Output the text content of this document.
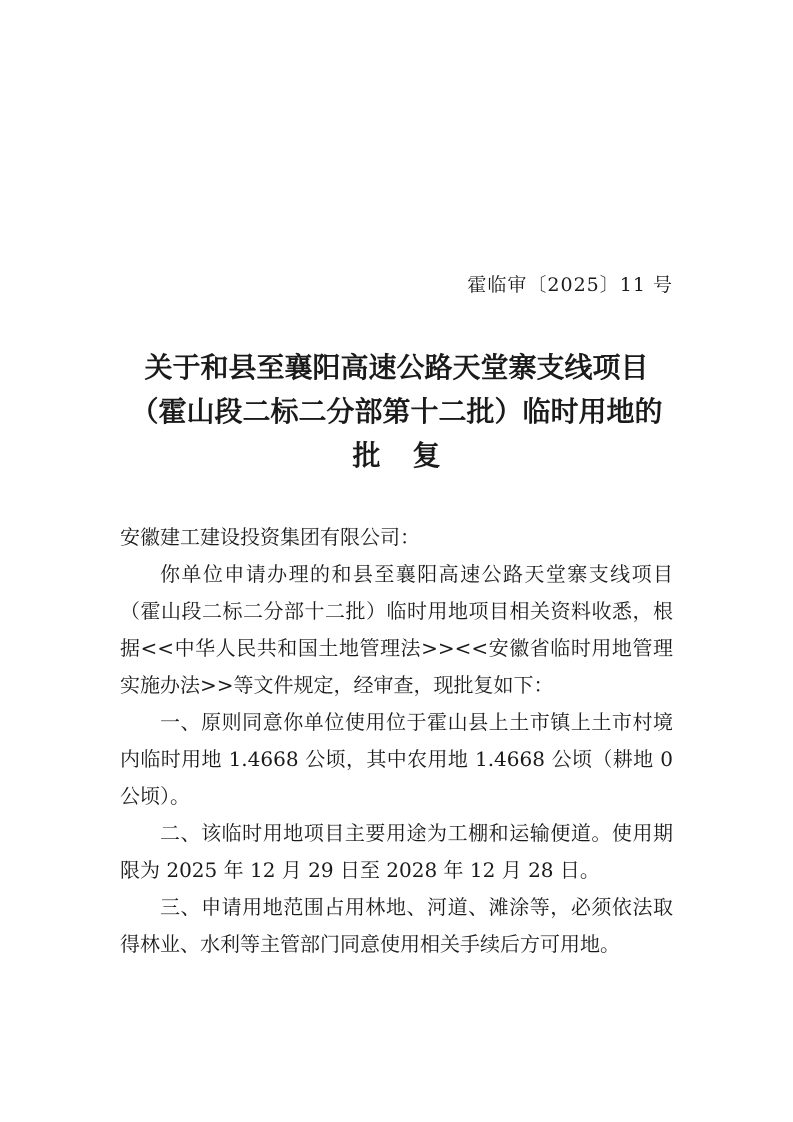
霍临审〔2025〕11 号
关于和县至襄阳高速公路天堂寨支线项目
（霍山段二标二分部第十二批）临时用地的
批复

安徽建工建设投资集团有限公司：

你单位申请办理的和县至襄阳高速公路天堂寨支线项目（霍山段二标二分部十二批）临时用地项目相关资料收悉，根据<<中华人民共和国土地管理法>><<安徽省临时用地管理实施办法>>等文件规定，经审查，现批复如下：

一、原则同意你单位使用位于霍山县上土市镇上土市村境内临时用地 1.4668 公顷，其中农用地 1.4668 公顷（耕地 0 公顷）。

二、该临时用地项目主要用途为工棚和运输便道。使用期限为 2025 年 12 月 29 日至 2028 年 12 月 28 日。

三、申请用地范围占用林地、河道、滩涂等，必须依法取得林业、水利等主管部门同意使用相关手续后方可用地。
